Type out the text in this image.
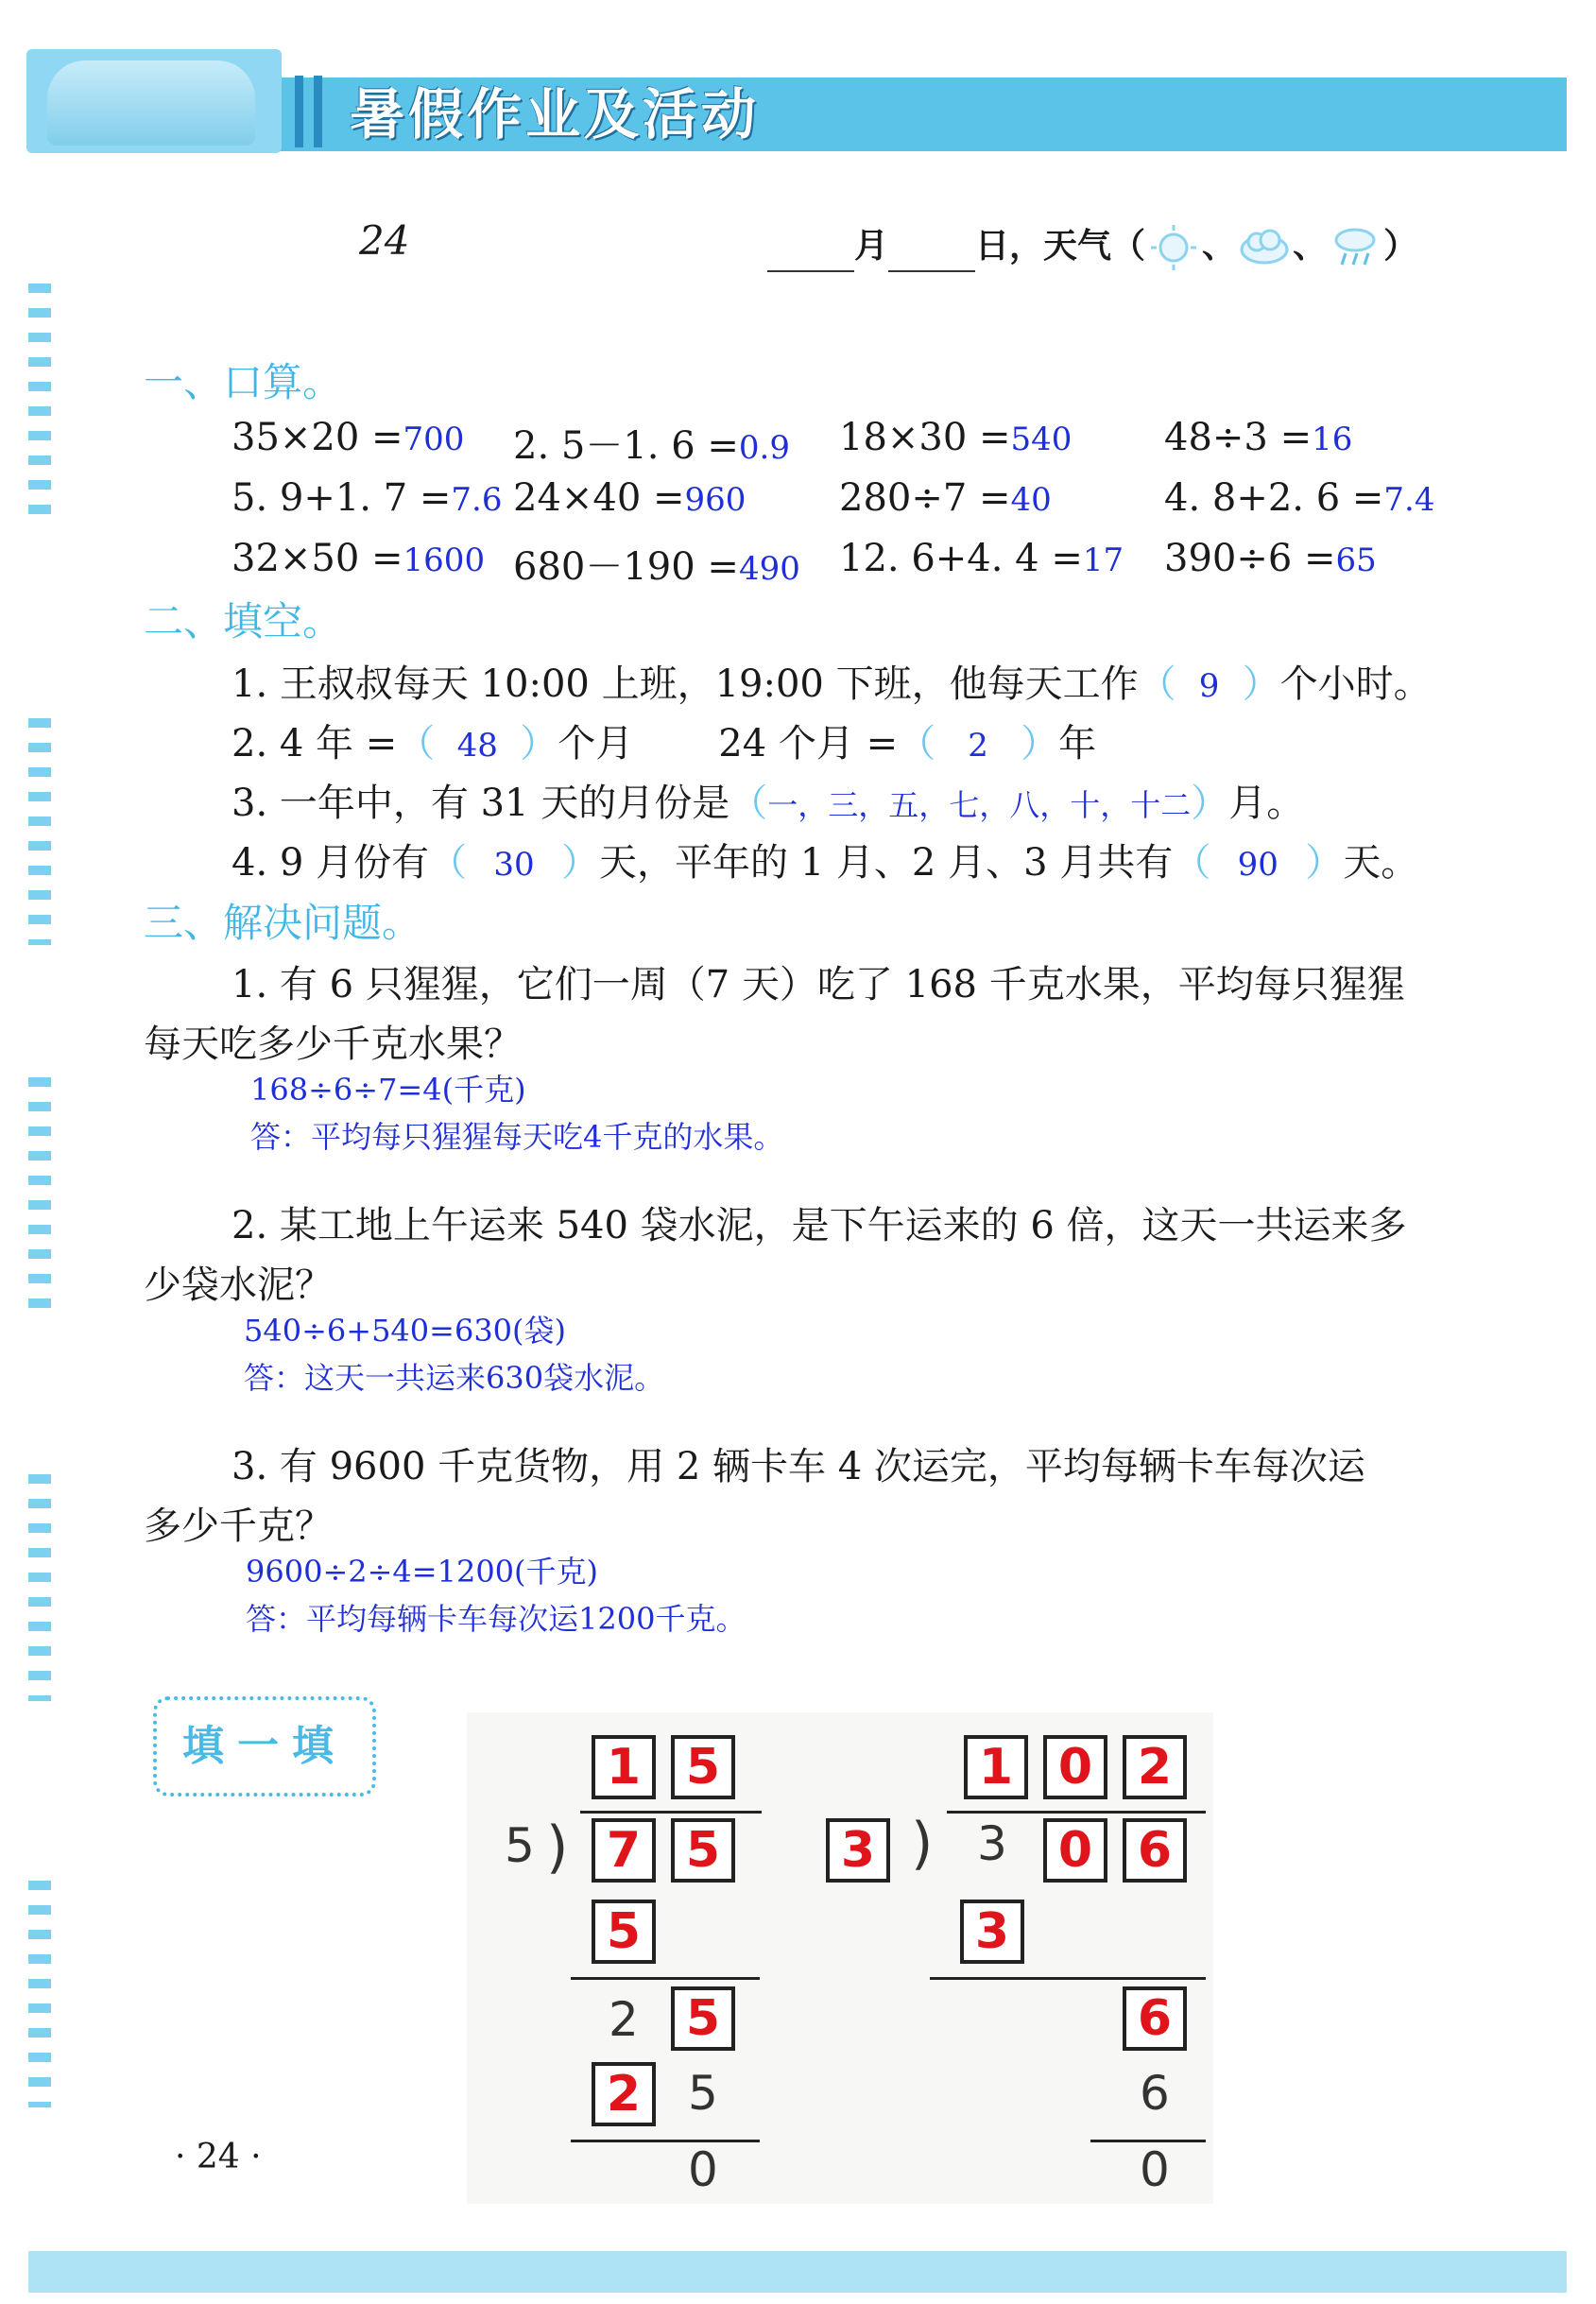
暑假作业及活动
24	月	日，天气（ 、 、 ）
一、口算。
35×20 =700 2. 5－1. 6 =0.9 18×30 =540 48÷3 =16
5. 9+1. 7 =7.6 24×40 =960 280÷7 =40	4. 8+2. 6 =7.4
32×50 =1600 680－190 =490 12. 6+4. 4 =17 390÷6 =65
二、填空。
1. 王叔叔每天 10:00 上班，19:00 下班，他每天工作（ 9 ）个小时。
2. 4 年 =（ 48 ）个月 24 个月 =（ 2 ）年
3. 一年中，有 31 天的月份是（一，三，五，七，八，十，十二）月。
4. 9 月份有（ 30 ）天，平年的 1 月、2 月、3 月共有（ 90 ）天。
三、解决问题。
1. 有 6 只猩猩，它们一周（7 天）吃了 168 千克水果，平均每只猩猩
每天吃多少千克水果？
168÷6÷7=4(千克)
答：平均每只猩猩每天吃4千克的水果。
2. 某工地上午运来 540 袋水泥，是下午运来的 6 倍，这天一共运来多
少袋水泥？
540÷6+540=630(袋)
答：这天一共运来630袋水泥。
3. 有 9600 千克货物，用 2 辆卡车 4 次运完，平均每辆卡车每次运
多少千克？
9600÷2÷4=1200(千克)
答：平均每辆卡车每次运1200千克。
填一填	1 5
5 ) 7 5
5
2 5
2 5
0
1 0 2
3 ) 3	0 6
3
6
6
0
· 24 ·
